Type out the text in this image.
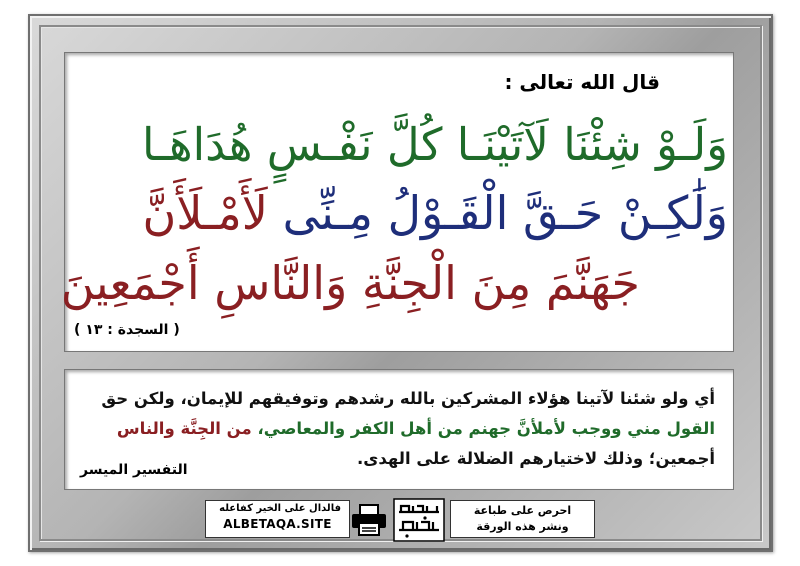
قال الله تعالى :
وَلَـوْ شِئْنَا لَآتَيْنَـا كُلَّ نَفْـسٍ هُدَاهَـا
وَلَٰكِـنْ حَـقَّ الْقَـوْلُ مِـنِّى لَأَمْـلَأَنَّ
جَهَنَّمَ مِنَ الْجِنَّةِ وَالنَّاسِ أَجْمَعِينَ
( السجدة : ١٣ )
أي ولو شئنا لآتينا هؤلاء المشركين بالله رشدهم وتوفيقهم للإيمان، ولكن حق
القول مني ووجب لأملأنَّ جهنم من أهل الكفر والمعاصي، من الجِنَّة والناس
أجمعين؛ وذلك لاختيارهم الضلالة على الهدى.
التفسير الميسر
فالدال على الخير كفاعله
ALBETAQA.SITE
احرص على طباعة
ونشر هذه الورقة
